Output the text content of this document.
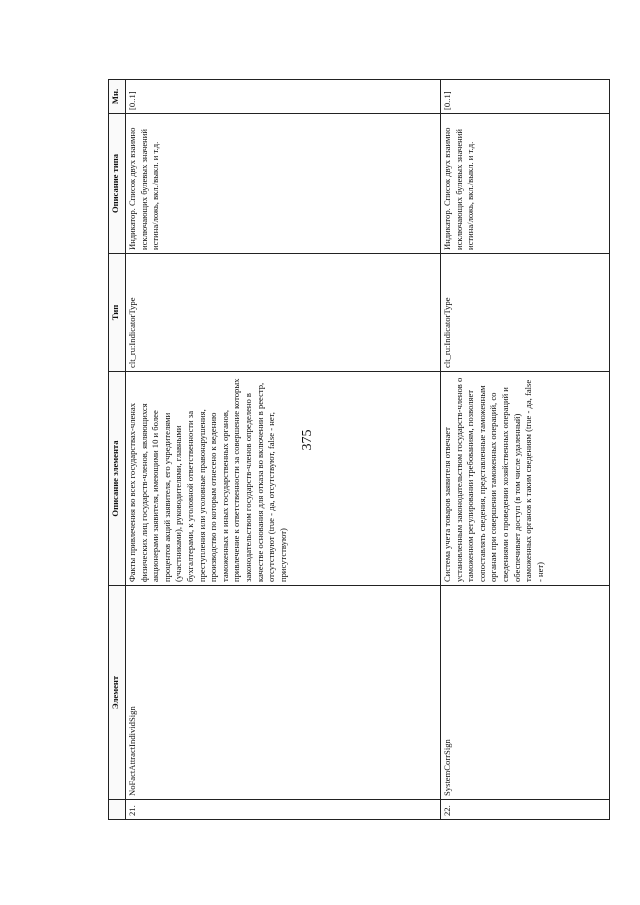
375
	Элемент	Описание элемента	Тип	Описание типа	Мн.
21.	NoFactAttractIndividSign	Факты привлечения во всех государствах-членах физических лиц государств-членов, являющихся акционерами заявителя, имеющими 10 и более процентов акций заявителя, его учредителями (участниками), руководителями, главными бухгалтерами, к уголовной ответственности за преступления или уголовные правонарушения, производство по которым отнесено к ведению таможенных и иных государственных органов, привлечение к ответственности за совершение которых законодательством государств-членов определено в качестве основания для отказа во включении в реестр, отсутствуют (true - да, отсутствуют, false - нет, присутствуют)	clt_ru:IndicatorType	Индикатор. Список двух взаимно исключающих булевых значений истина/ложь, вкл./выкл. и т.д.	[0..1]
22.	SystemCorrSign	Система учета товаров заявителя отвечает установленным законодательством государств-членов о таможенном регулировании требованиям, позволяет сопоставлять сведения, представленные таможенным органам при совершении таможенных операций, со сведениями о проведении хозяйственных операций и обеспечивает доступ (в том числе удаленный) таможенных органов к таким сведениям (true - да, false - нет)	clt_ru:IndicatorType	Индикатор. Список двух взаимно исключающих булевых значений истина/ложь, вкл./выкл. и т.д.	[0..1]
